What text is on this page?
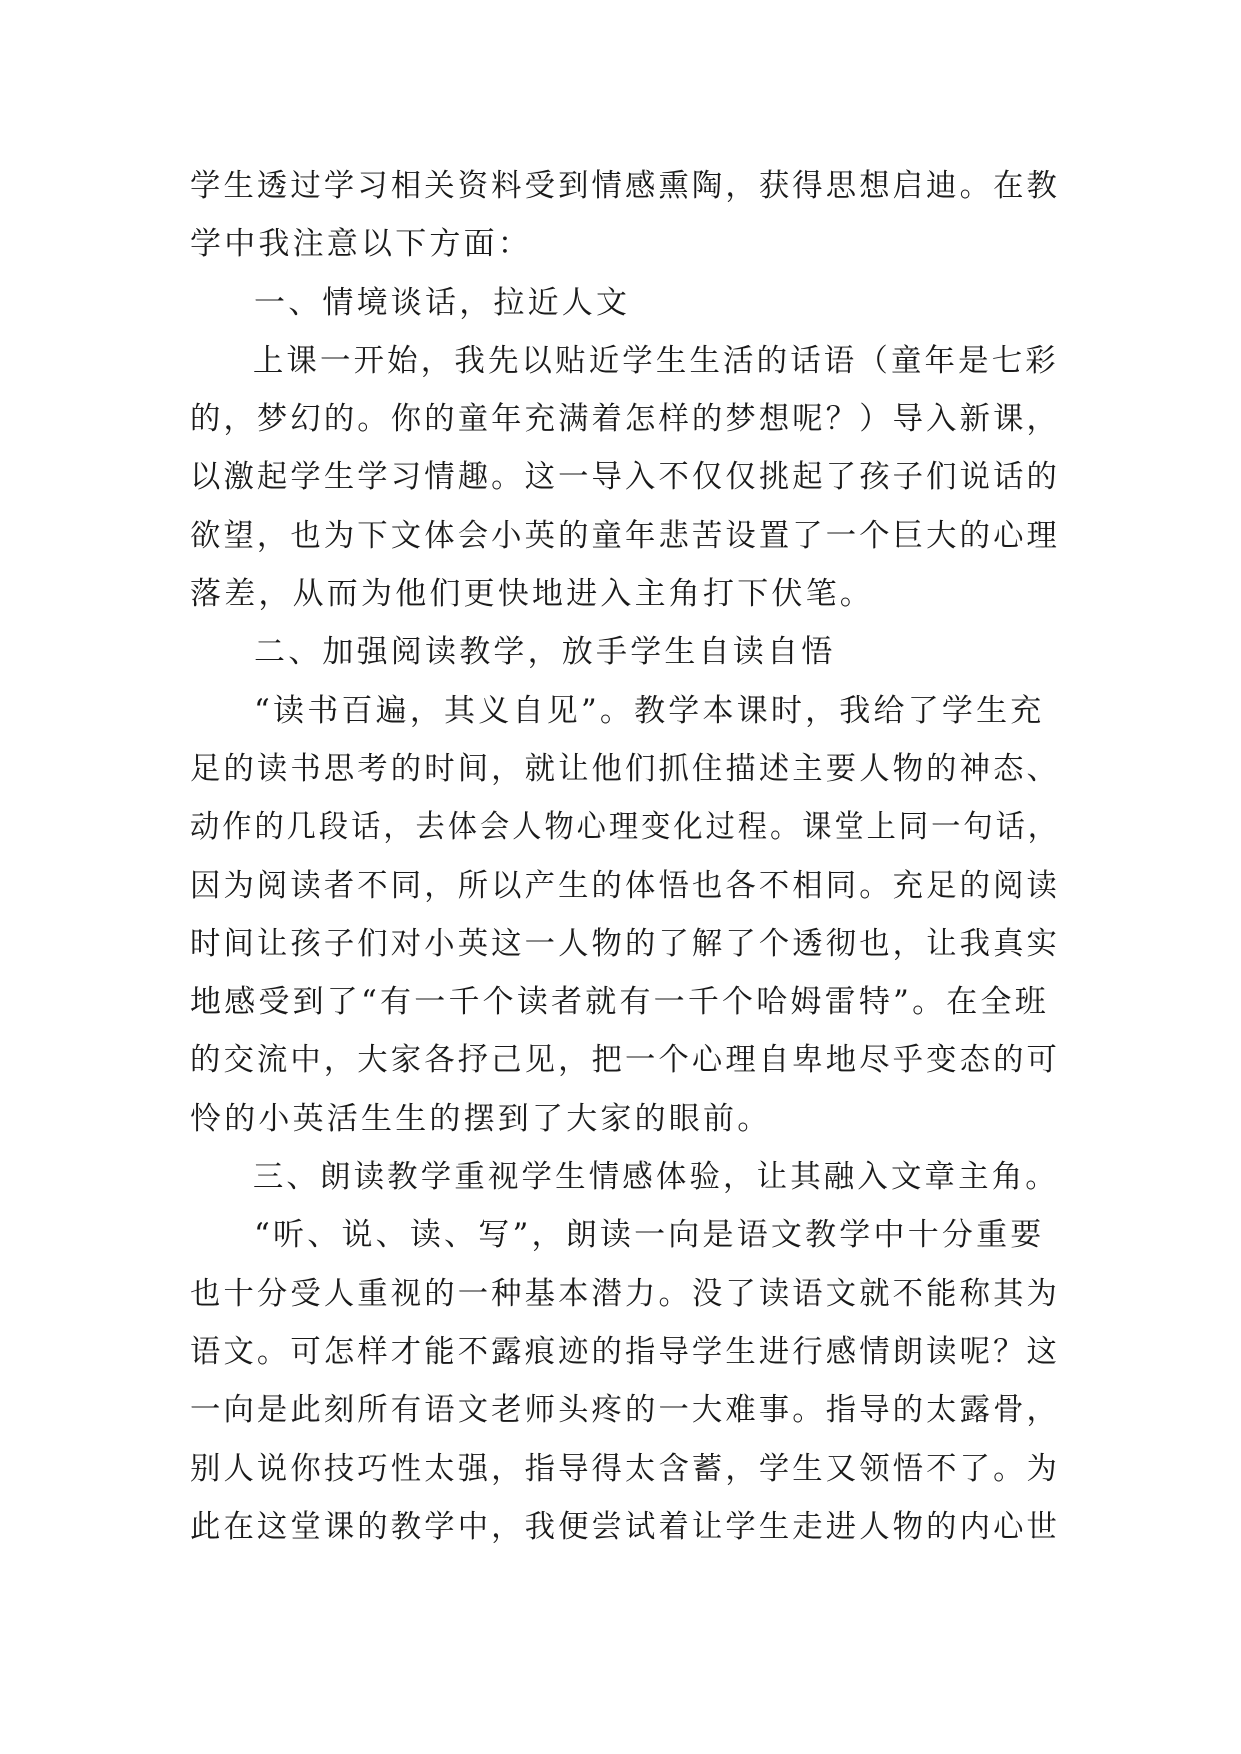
学生透过学习相关资料受到情感熏陶，获得思想启迪。在教
学中我注意以下方面：
一、情境谈话，拉近人文
上课一开始，我先以贴近学生生活的话语（童年是七彩
的，梦幻的。你的童年充满着怎样的梦想呢？）导入新课，
以激起学生学习情趣。这一导入不仅仅挑起了孩子们说话的
欲望，也为下文体会小英的童年悲苦设置了一个巨大的心理
落差，从而为他们更快地进入主角打下伏笔。
二、加强阅读教学，放手学生自读自悟
“读书百遍，其义自见”。教学本课时，我给了学生充
足的读书思考的时间，就让他们抓住描述主要人物的神态、
动作的几段话，去体会人物心理变化过程。课堂上同一句话，
因为阅读者不同，所以产生的体悟也各不相同。充足的阅读
时间让孩子们对小英这一人物的了解了个透彻也，让我真实
地感受到了“有一千个读者就有一千个哈姆雷特”。在全班
的交流中，大家各抒己见，把一个心理自卑地尽乎变态的可
怜的小英活生生的摆到了大家的眼前。
三、朗读教学重视学生情感体验，让其融入文章主角。
“听、说、读、写”，朗读一向是语文教学中十分重要
也十分受人重视的一种基本潜力。没了读语文就不能称其为
语文。可怎样才能不露痕迹的指导学生进行感情朗读呢？这
一向是此刻所有语文老师头疼的一大难事。指导的太露骨，
别人说你技巧性太强，指导得太含蓄，学生又领悟不了。为
此在这堂课的教学中，我便尝试着让学生走进人物的内心世
